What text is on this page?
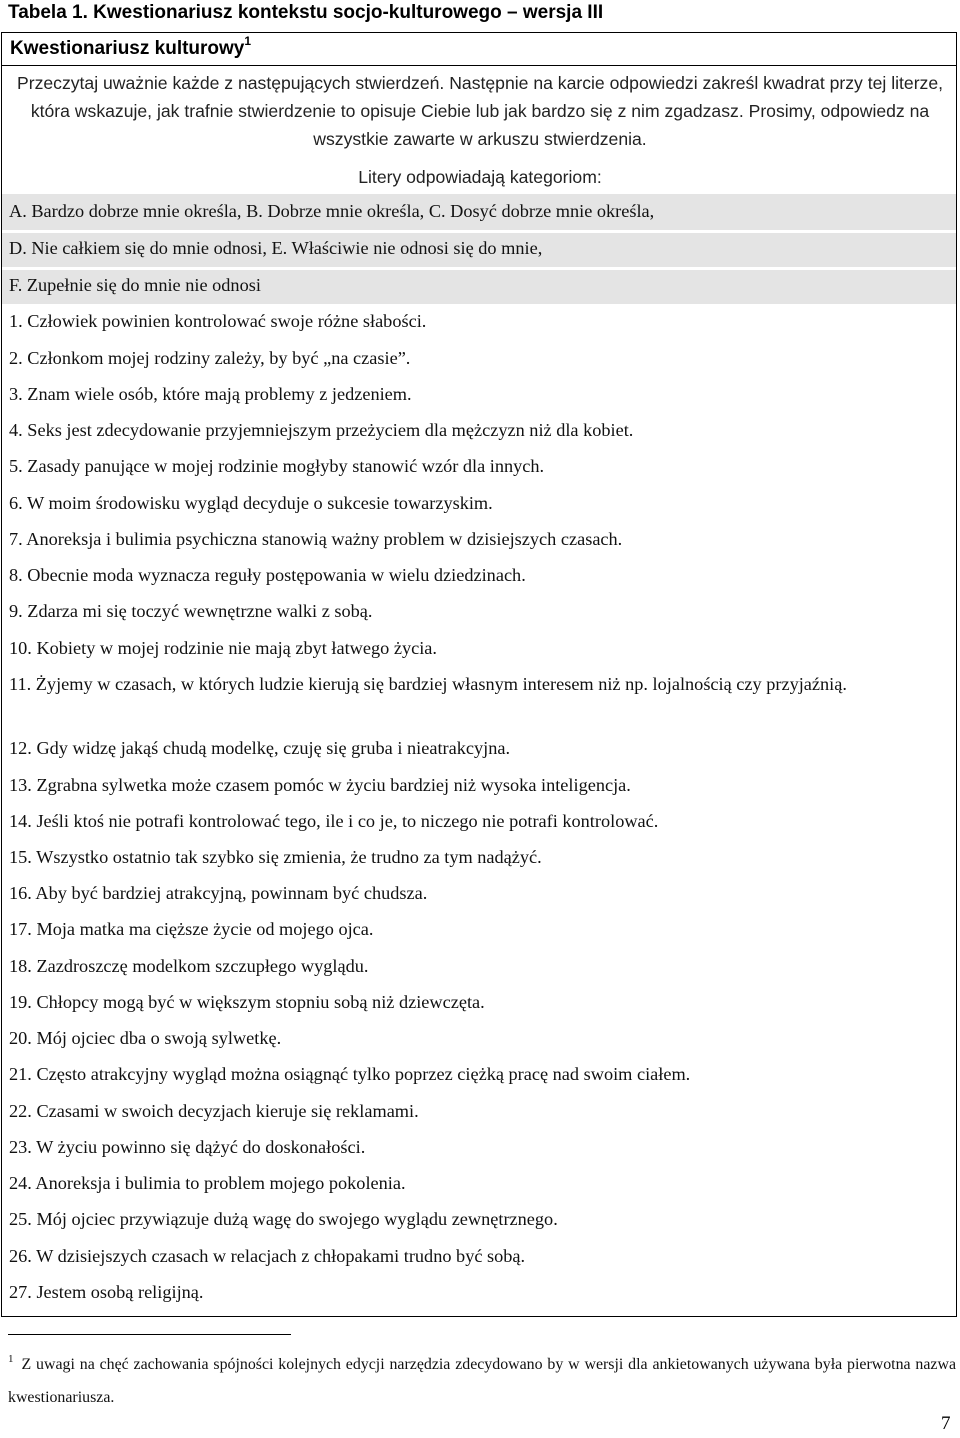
Tabela 1. Kwestionariusz kontekstu socjo-kulturowego – wersja III
Kwestionariusz kulturowy$^1$

Przeczytaj uważnie każde z następujących stwierdzeń. Następnie na karcie odpowiedzi zakreśl kwadrat przy tej literze, która wskazuje, jak trafnie stwierdzenie to opisuje Ciebie lub jak bardzo się z nim zgadzasz. Prosimy, odpowiedz na wszystkie zawarte w arkuszu stwierdzenia.

Litery odpowiadają kategoriom:
A. Bardzo dobrze mnie określa, B. Dobrze mnie określa, C. Dosyć dobrze mnie określa,
D. Nie całkiem się do mnie odnosi, E. Właściwie nie odnosi się do mnie,
F. Zupełnie się do mnie nie odnosi
1. Człowiek powinien kontrolować swoje różne słabości.
2. Członkom mojej rodziny zależy, by być „na czasie”.
3. Znam wiele osób, które mają problemy z jedzeniem.
4. Seks jest zdecydowanie przyjemniejszym przeżyciem dla mężczyzn niż dla kobiet.
5. Zasady panujące w mojej rodzinie mogłyby stanowić wzór dla innych.
6. W moim środowisku wygląd decyduje o sukcesie towarzyskim.
7. Anoreksja i bulimia psychiczna stanowią ważny problem w dzisiejszych czasach.
8. Obecnie moda wyznacza reguły postępowania w wielu dziedzinach.
9. Zdarza mi się toczyć wewnętrzne walki z sobą.
10. Kobiety w mojej rodzinie nie mają zbyt łatwego życia.
11. Żyjemy w czasach, w których ludzie kierują się bardziej własnym interesem niż np. lojalnością czy przyjaźnią.
12. Gdy widzę jakąś chudą modelkę, czuję się gruba i nieatrakcyjna.
13. Zgrabna sylwetka może czasem pomóc w życiu bardziej niż wysoka inteligencja.
14. Jeśli ktoś nie potrafi kontrolować tego, ile i co je, to niczego nie potrafi kontrolować.
15. Wszystko ostatnio tak szybko się zmienia, że trudno za tym nadążyć.
16. Aby być bardziej atrakcyjną, powinnam być chudsza.
17. Moja matka ma cięższe życie od mojego ojca.
18. Zazdroszczę modelkom szczupłego wyglądu.
19. Chłopcy mogą być w większym stopniu sobą niż dziewczęta.
20. Mój ojciec dba o swoją sylwetkę.
21. Często atrakcyjny wygląd można osiągnąć tylko poprzez ciężką pracę nad swoim ciałem.
22. Czasami w swoich decyzjach kieruje się reklamami.
23. W życiu powinno się dążyć do doskonałości.
24. Anoreksja i bulimia to problem mojego pokolenia.
25. Mój ojciec przywiązuje dużą wagę do swojego wyglądu zewnętrznego.
26. W dzisiejszych czasach w relacjach z chłopakami trudno być sobą.
27. Jestem osobą religijną.

$^1$ Z uwagi na chęć zachowania spójności kolejnych edycji narzędzia zdecydowano by w wersji dla ankietowanych używana była pierwotna nazwa kwestionariusza.

7
